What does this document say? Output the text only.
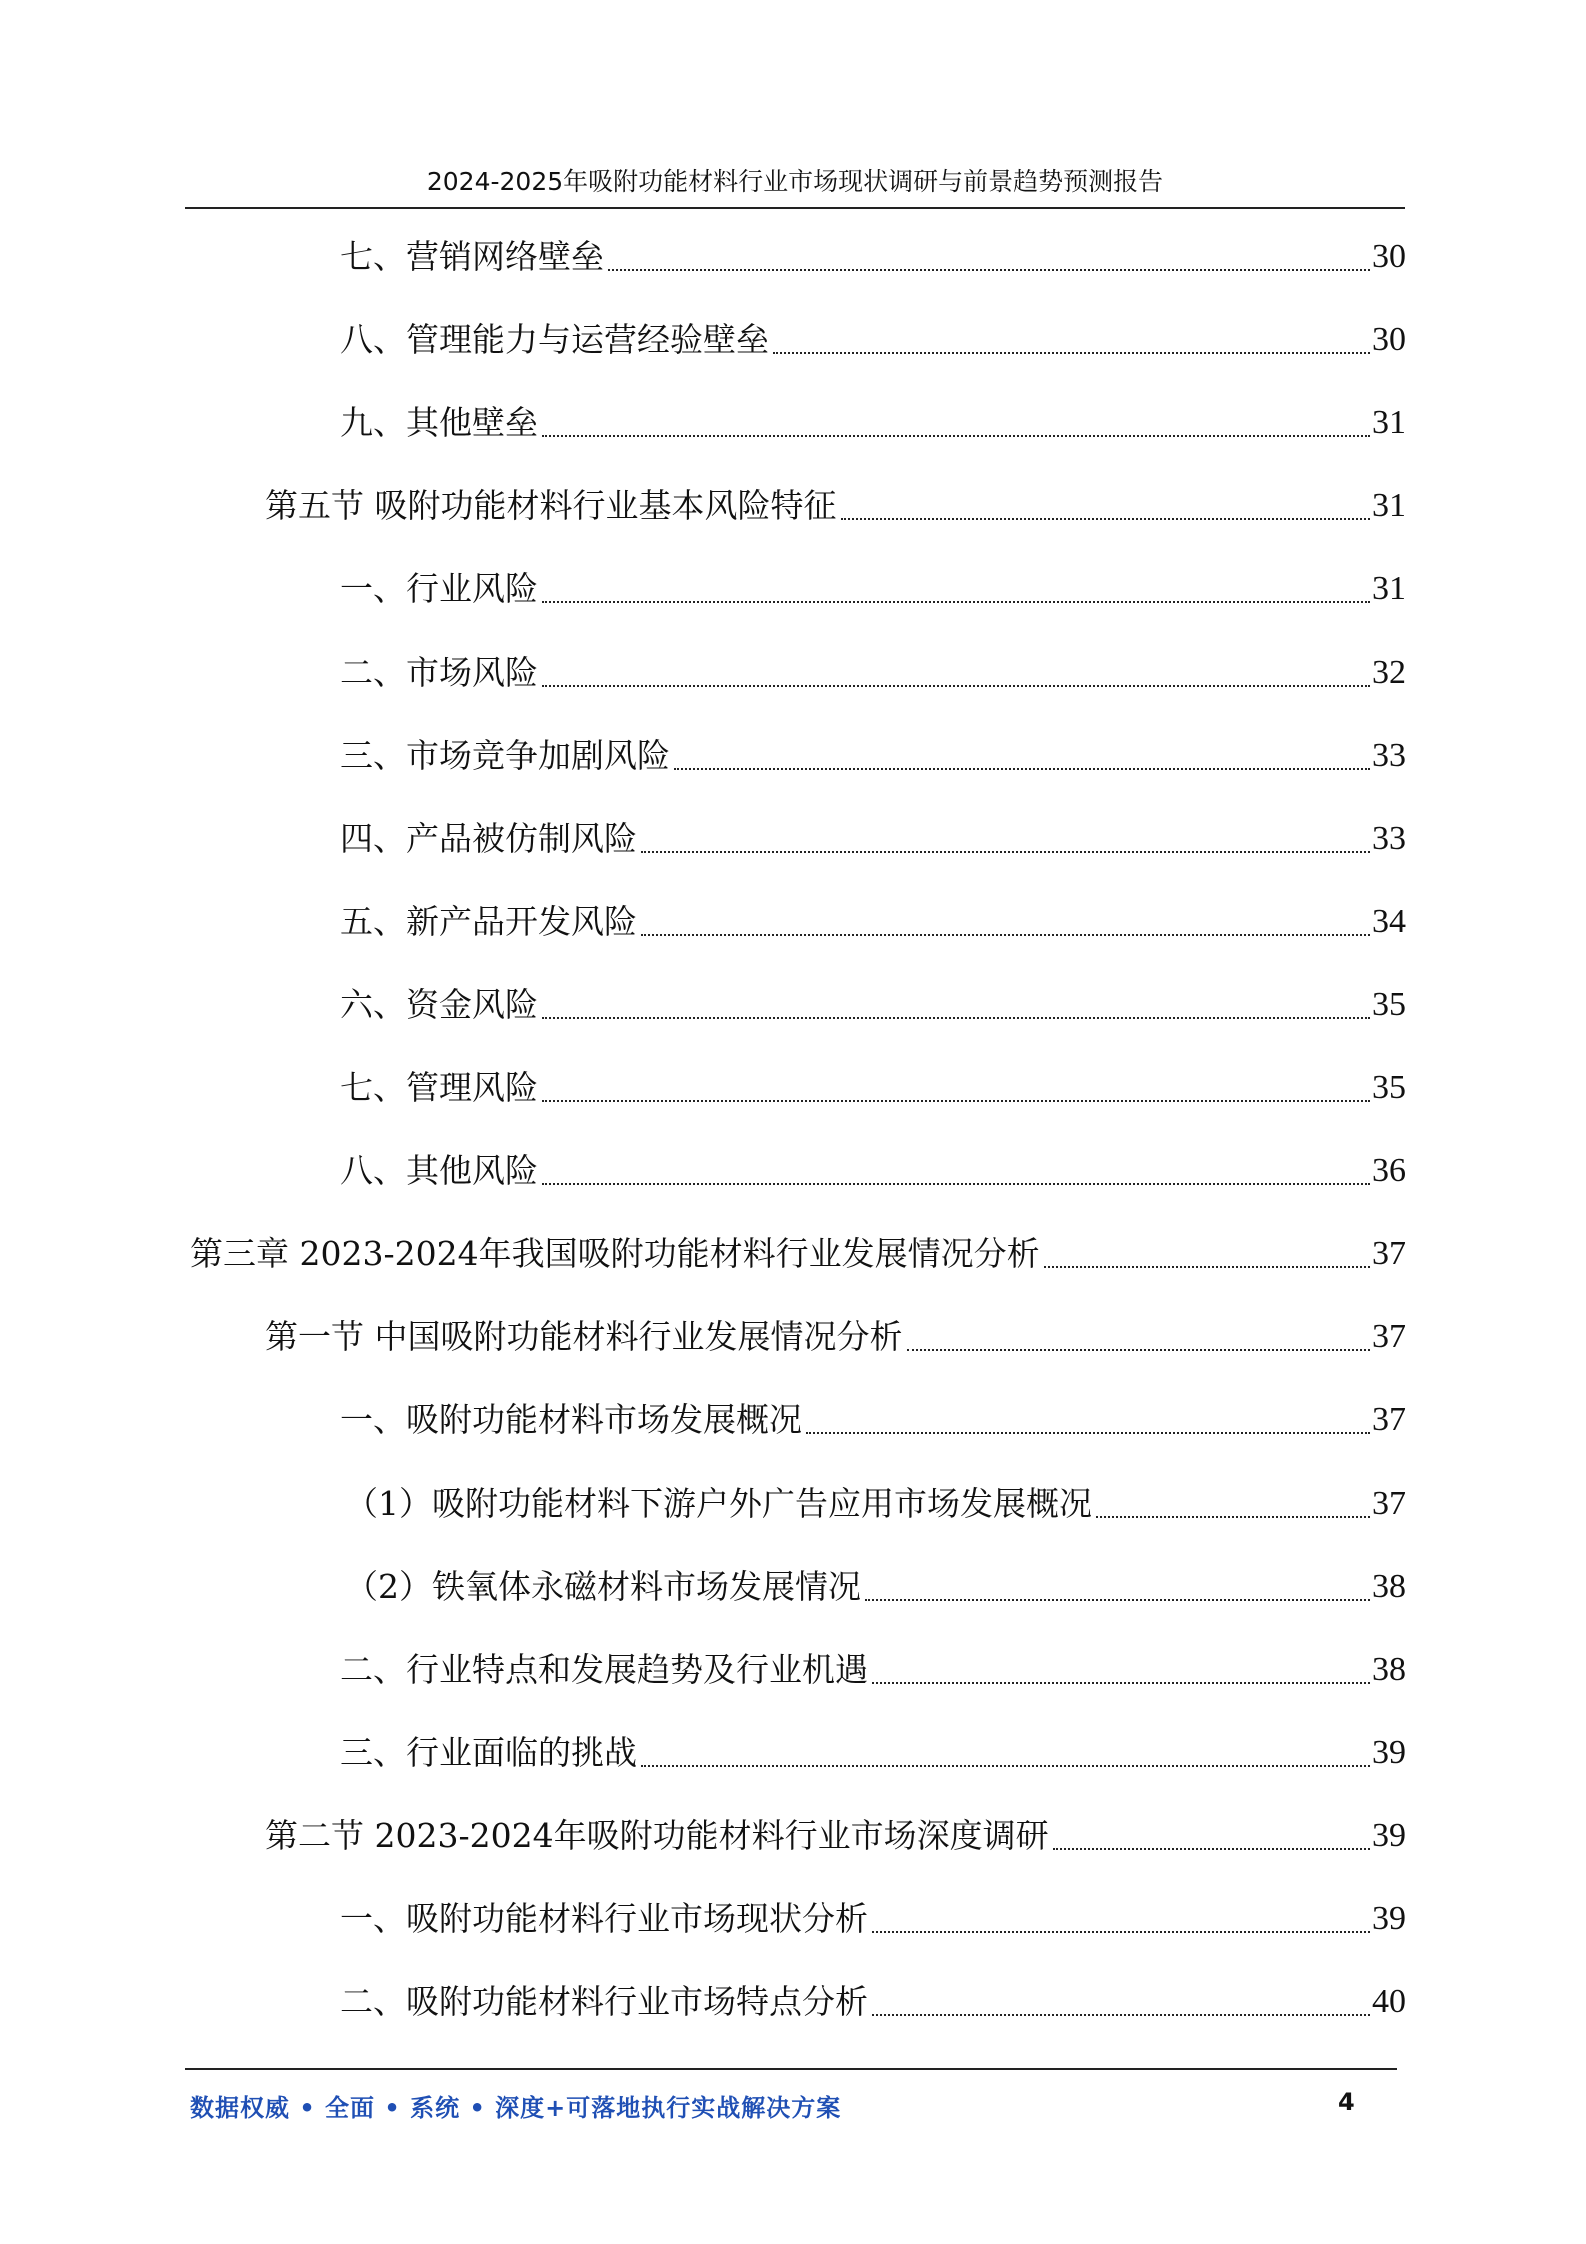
2024-2025年吸附功能材料行业市场现状调研与前景趋势预测报告
七、营销网络壁垒	30
八、管理能力与运营经验壁垒	30
九、其他壁垒	31
第五节 吸附功能材料行业基本风险特征	31
一、行业风险	31
二、市场风险	32
三、市场竞争加剧风险	33
四、产品被仿制风险	33
五、新产品开发风险	34
六、资金风险	35
七、管理风险	35
八、其他风险	36
第三章 2023-2024年我国吸附功能材料行业发展情况分析	37
第一节 中国吸附功能材料行业发展情况分析	37
一、吸附功能材料市场发展概况	37
（1）吸附功能材料下游户外广告应用市场发展概况	37
（2）铁氧体永磁材料市场发展情况	38
二、行业特点和发展趋势及行业机遇	38
三、行业面临的挑战	39
第二节 2023-2024年吸附功能材料行业市场深度调研	39
一、吸附功能材料行业市场现状分析	39
二、吸附功能材料行业市场特点分析	40
数据权威 • 全面 • 系统 • 深度+可落地执行实战解决方案	4
